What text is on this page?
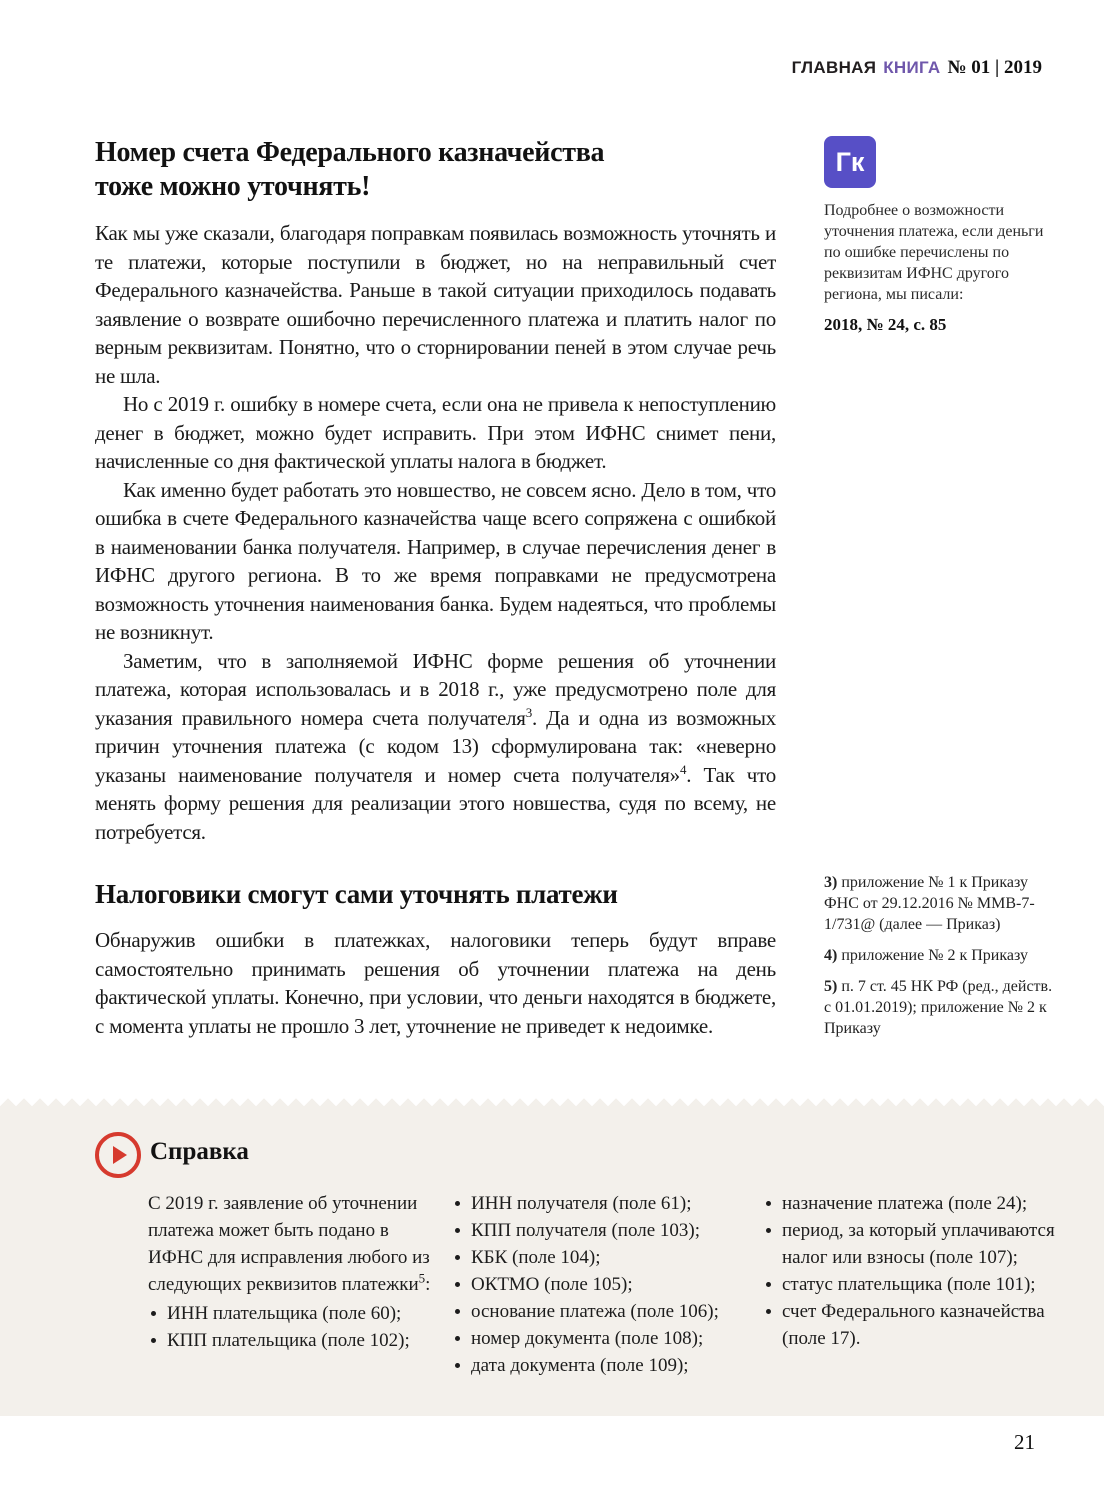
ГЛАВНАЯ КНИГА № 01 | 2019
Номер счета Федерального казначейства
тоже можно уточнять!

Как мы уже сказали, благодаря поправкам появилась возможность уточнять и те платежи, которые поступили в бюджет, но на неправильный счет Федерального казначейства. Раньше в такой ситуации приходилось подавать заявление о возврате ошибочно перечисленного платежа и платить налог по верным реквизитам. Понятно, что о сторнировании пеней в этом случае речь не шла.

Но с 2019 г. ошибку в номере счета, если она не привела к непоступлению денег в бюджет, можно будет исправить. При этом ИФНС снимет пени, начисленные со дня фактической уплаты налога в бюджет.

Как именно будет работать это новшество, не совсем ясно. Дело в том, что ошибка в счете Федерального казначейства чаще всего сопряжена с ошибкой в наименовании банка получателя. Например, в случае перечисления денег в ИФНС другого региона. В то же время поправками не предусмотрена возможность уточнения наименования банка. Будем надеяться, что проблемы не возникнут.

Заметим, что в заполняемой ИФНС форме решения об уточнении платежа, которая использовалась и в 2018 г., уже предусмотрено поле для указания правильного номера счета получателя$^3$. Да и одна из возможных причин уточнения платежа (с кодом 13) сформулирована так: «неверно указаны наименование получателя и номер счета получателя»$^4$. Так что менять форму решения для реализации этого новшества, судя по всему, не потребуется.

Налоговики смогут сами уточнять платежи

Обнаружив ошибки в платежках, налоговики теперь будут вправе самостоятельно принимать решения об уточнении платежа на день фактической уплаты. Конечно, при условии, что деньги находятся в бюджете, с момента уплаты не прошло 3 лет, уточнение не приведет к недоимке.

Гк
Подробнее о возможности уточнения платежа, если деньги по ошибке перечислены по реквизитам ИФНС другого региона, мы писали:
2018, № 24, с. 85
3) приложение № 1 к Приказу ФНС от 29.12.2016 № ММВ-7-1/731@ (далее — Приказ)
4) приложение № 2 к Приказу
5) п. 7 ст. 45 НК РФ (ред., действ. с 01.01.2019); приложение № 2 к Приказу
Справка
С 2019 г. заявление об уточнении платежа может быть подано в ИФНС для исправления любого из следующих реквизитов платежки$^5$:
ИНН плательщика (поле 60);
КПП плательщика (поле 102);
ИНН получателя (поле 61);
КПП получателя (поле 103);
КБК (поле 104);
ОКТМО (поле 105);
основание платежа (поле 106);
номер документа (поле 108);
дата документа (поле 109);
назначение платежа (поле 24);
период, за который уплачиваются налог или взносы (поле 107);
статус плательщика (поле 101);
счет Федерального казначейства (поле 17).
21
